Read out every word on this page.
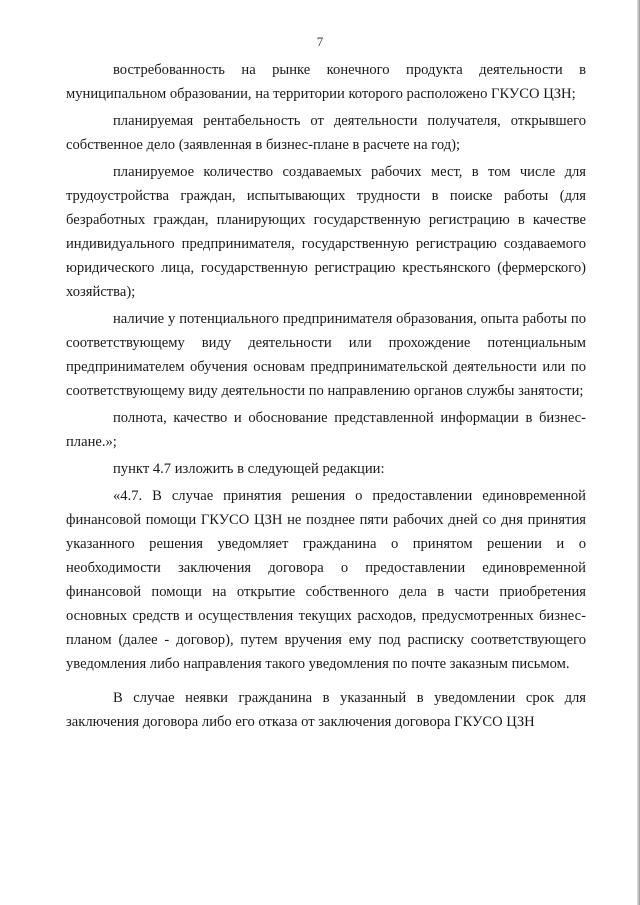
7

востребованность на рынке конечного продукта деятельности в муниципальном образовании, на территории которого расположено ГКУСО ЦЗН;

планируемая рентабельность от деятельности получателя, открывшего собственное дело (заявленная в бизнес-плане в расчете на год);

планируемое количество создаваемых рабочих мест, в том числе для трудоустройства граждан, испытывающих трудности в поиске работы (для безработных граждан, планирующих государственную регистрацию в качестве индивидуального предпринимателя, государственную регистрацию создаваемого юридического лица, государственную регистрацию крестьянского (фермерского) хозяйства);

наличие у потенциального предпринимателя образования, опыта работы по соответствующему виду деятельности или прохождение потенциальным предпринимателем обучения основам предпринимательской деятельности или по соответствующему виду деятельности по направлению органов службы занятости;

полнота, качество и обоснование представленной информации в бизнес-плане.»;

пункт 4.7 изложить в следующей редакции:

«4.7. В случае принятия решения о предоставлении единовременной финансовой помощи ГКУСО ЦЗН не позднее пяти рабочих дней со дня принятия указанного решения уведомляет гражданина о принятом решении и о необходимости заключения договора о предоставлении единовременной финансовой помощи на открытие собственного дела в части приобретения основных средств и осуществления текущих расходов, предусмотренных бизнес-планом (далее - договор), путем вручения ему под расписку соответствующего уведомления либо направления такого уведомления по почте заказным письмом.

В случае неявки гражданина в указанный в уведомлении срок для заключения договора либо его отказа от заключения договора ГКУСО ЦЗН
